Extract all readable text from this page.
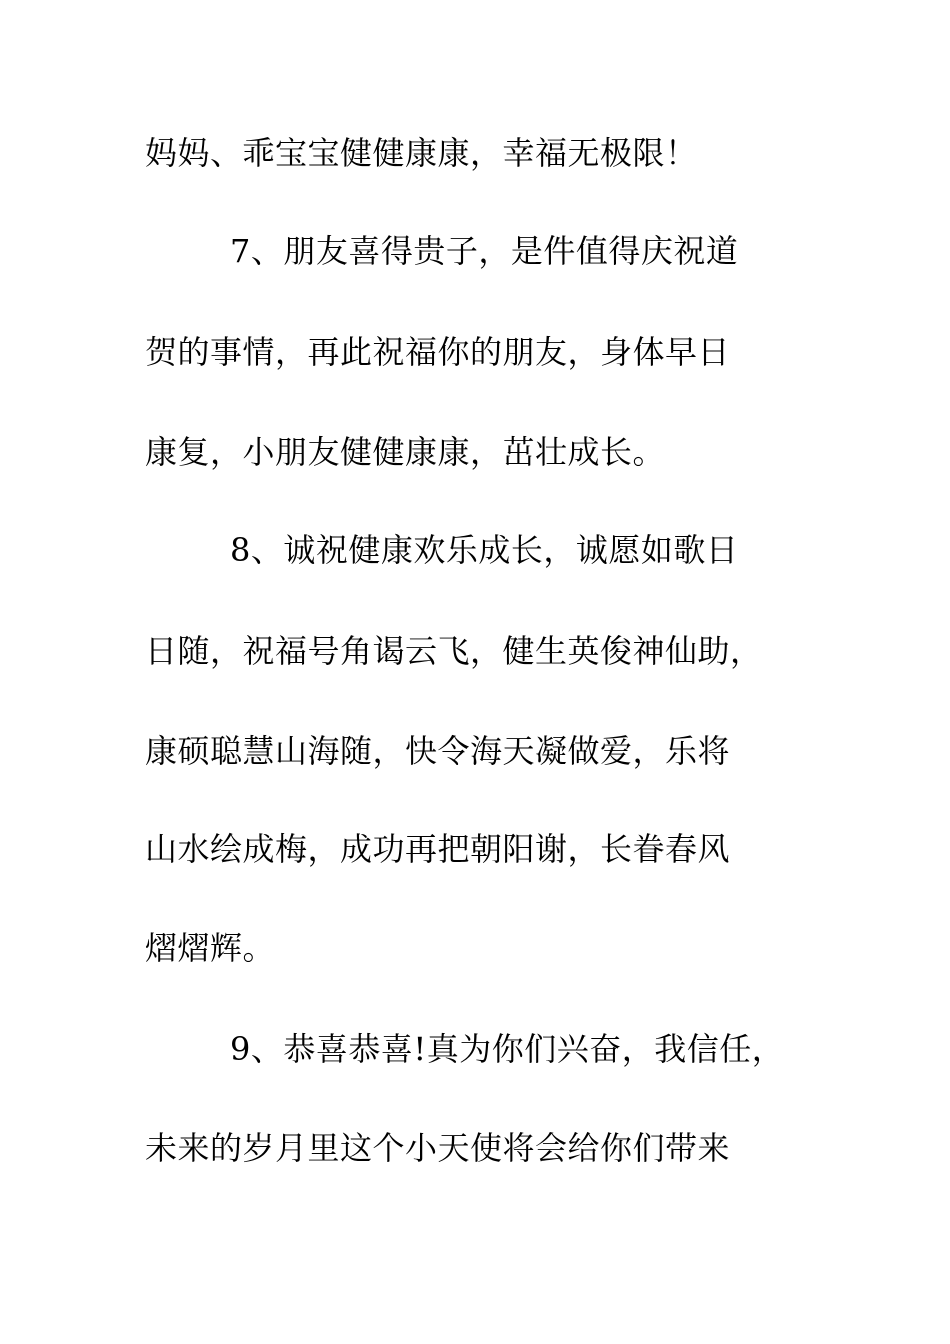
妈妈、乖宝宝健健康康，幸福无极限！
7、朋友喜得贵子，是件值得庆祝道
贺的事情，再此祝福你的朋友，身体早日
康复，小朋友健健康康，茁壮成长。
8、诚祝健康欢乐成长，诚愿如歌日
日随，祝福号角谒云飞，健生英俊神仙助，
康硕聪慧山海随，快令海天凝做爱，乐将
山水绘成梅，成功再把朝阳谢，长眷春风
熠熠辉。
9、恭喜恭喜!真为你们兴奋，我信任，
未来的岁月里这个小天使将会给你们带来
